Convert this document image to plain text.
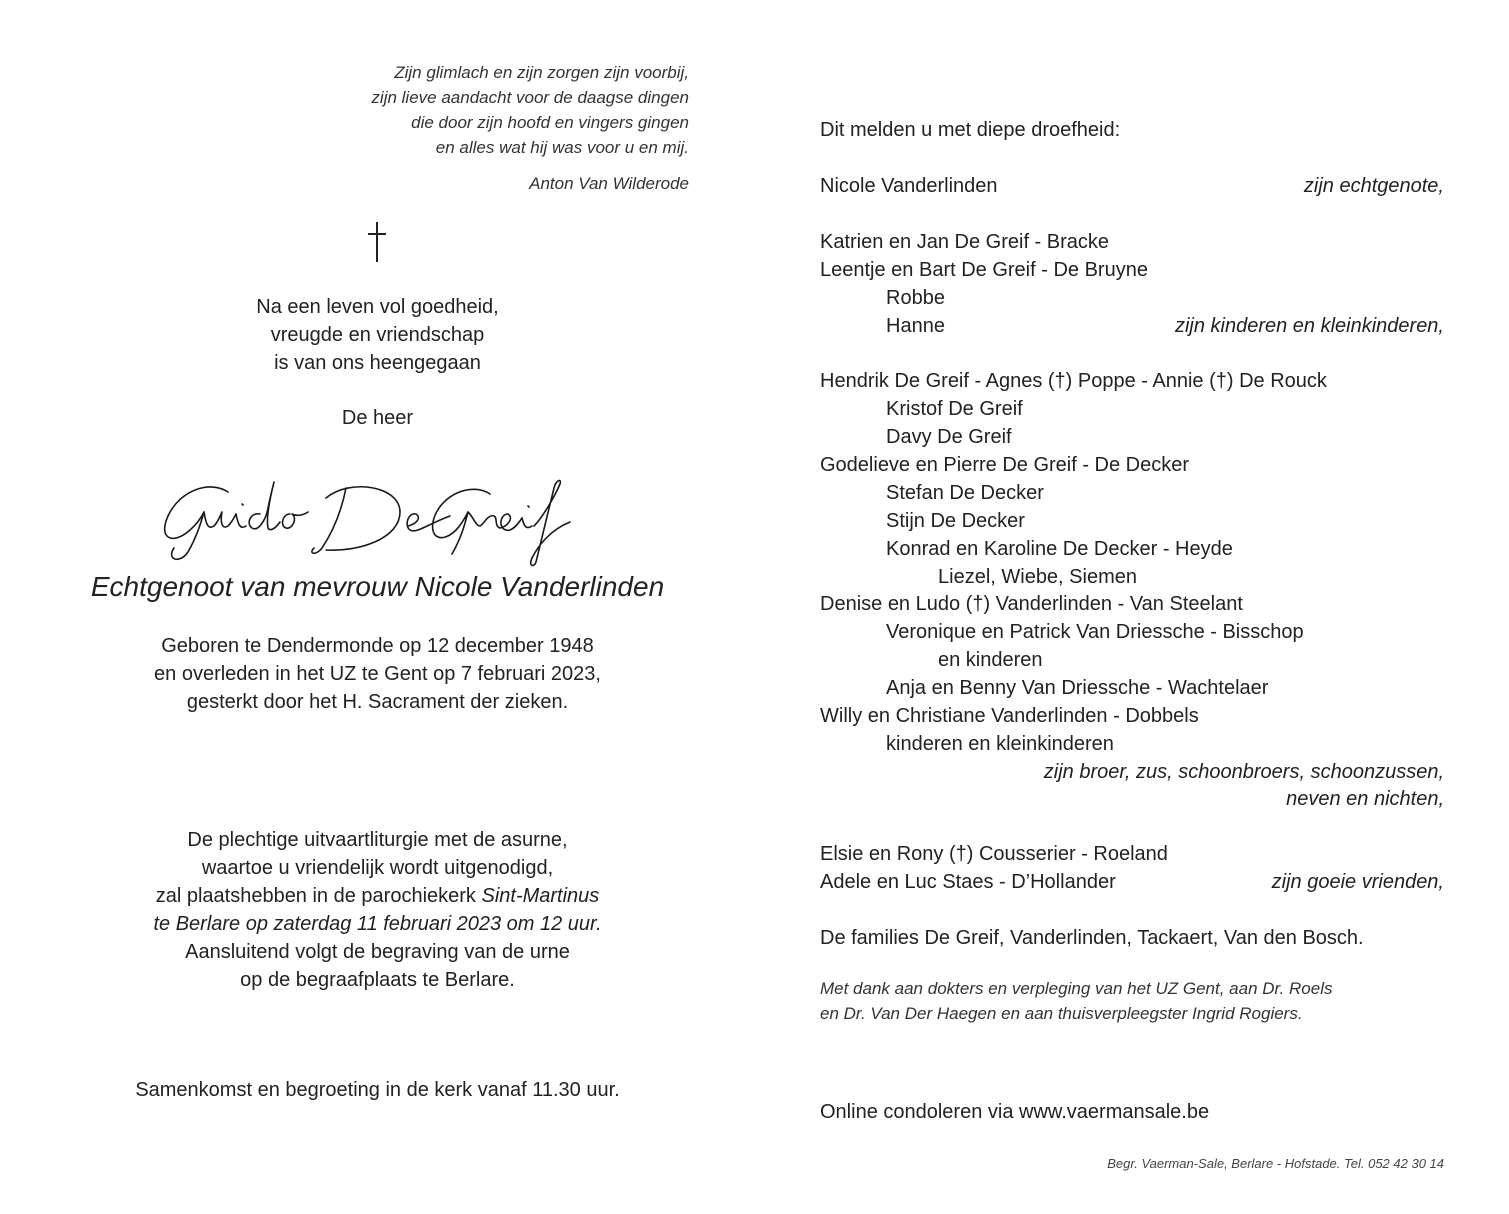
Zijn glimlach en zijn zorgen zijn voorbij,
zijn lieve aandacht voor de daagse dingen
die door zijn hoofd en vingers gingen
en alles wat hij was voor u en mij.
Anton Van Wilderode
Na een leven vol goedheid,
vreugde en vriendschap
is van ons heengegaan
De heer
Echtgenoot van mevrouw Nicole Vanderlinden
Geboren te Dendermonde op 12 december 1948
en overleden in het UZ te Gent op 7 februari 2023,
gesterkt door het H. Sacrament der zieken.
De plechtige uitvaartliturgie met de asurne,
waartoe u vriendelijk wordt uitgenodigd,
zal plaatshebben in de parochiekerk Sint-Martinus
te Berlare op zaterdag 11 februari 2023 om 12 uur.
Aansluitend volgt de begraving van de urne
op de begraafplaats te Berlare.
Samenkomst en begroeting in de kerk vanaf 11.30 uur.
Dit melden u met diepe droefheid:
Nicole Vanderlinden	zijn echtgenote,
Katrien en Jan De Greif - Bracke
Leentje en Bart De Greif - De Bruyne
Robbe
Hanne	zijn kinderen en kleinkinderen,
Hendrik De Greif - Agnes (†) Poppe - Annie (†) De Rouck
Kristof De Greif
Davy De Greif
Godelieve en Pierre De Greif - De Decker
Stefan De Decker
Stijn De Decker
Konrad en Karoline De Decker - Heyde
Liezel, Wiebe, Siemen
Denise en Ludo (†) Vanderlinden - Van Steelant
Veronique en Patrick Van Driessche - Bisschop
en kinderen
Anja en Benny Van Driessche - Wachtelaer
Willy en Christiane Vanderlinden - Dobbels
kinderen en kleinkinderen
zijn broer, zus, schoonbroers, schoonzussen,
neven en nichten,
Elsie en Rony (†) Cousserier - Roeland
Adele en Luc Staes - D’Hollander	zijn goeie vrienden,
De families De Greif, Vanderlinden, Tackaert, Van den Bosch.
Met dank aan dokters en verpleging van het UZ Gent, aan Dr. Roels
en Dr. Van Der Haegen en aan thuisverpleegster Ingrid Rogiers.
Online condoleren via www.vaermansale.be
Begr. Vaerman-Sale, Berlare - Hofstade. Tel. 052 42 30 14
